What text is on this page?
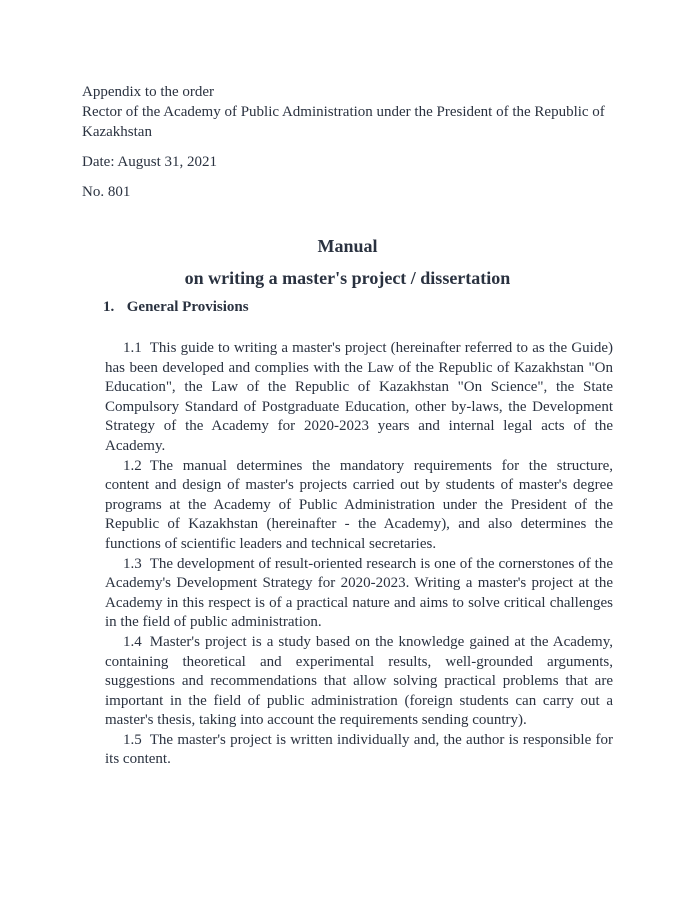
Appendix to the order

Rector of the Academy of Public Administration under the President of the Republic of Kazakhstan

Date: August 31, 2021

No. 801

Manual
on writing a master's project / dissertation
1. General Provisions

1.1 This guide to writing a master's project (hereinafter referred to as the Guide) has been developed and complies with the Law of the Republic of Kazakhstan "On Education", the Law of the Republic of Kazakhstan "On Science", the State Compulsory Standard of Postgraduate Education, other by-laws, the Development Strategy of the Academy for 2020-2023 years and internal legal acts of the Academy.

1.2 The manual determines the mandatory requirements for the structure, content and design of master's projects carried out by students of master's degree programs at the Academy of Public Administration under the President of the Republic of Kazakhstan (hereinafter - the Academy), and also determines the functions of scientific leaders and technical secretaries.

1.3 The development of result-oriented research is one of the cornerstones of the Academy's Development Strategy for 2020-2023. Writing a master's project at the Academy in this respect is of a practical nature and aims to solve critical challenges in the field of public administration.

1.4 Master's project is a study based on the knowledge gained at the Academy, containing theoretical and experimental results, well-grounded arguments, suggestions and recommendations that allow solving practical problems that are important in the field of public administration (foreign students can carry out a master's thesis, taking into account the requirements sending country).

1.5 The master's project is written individually and, the author is responsible for its content.
